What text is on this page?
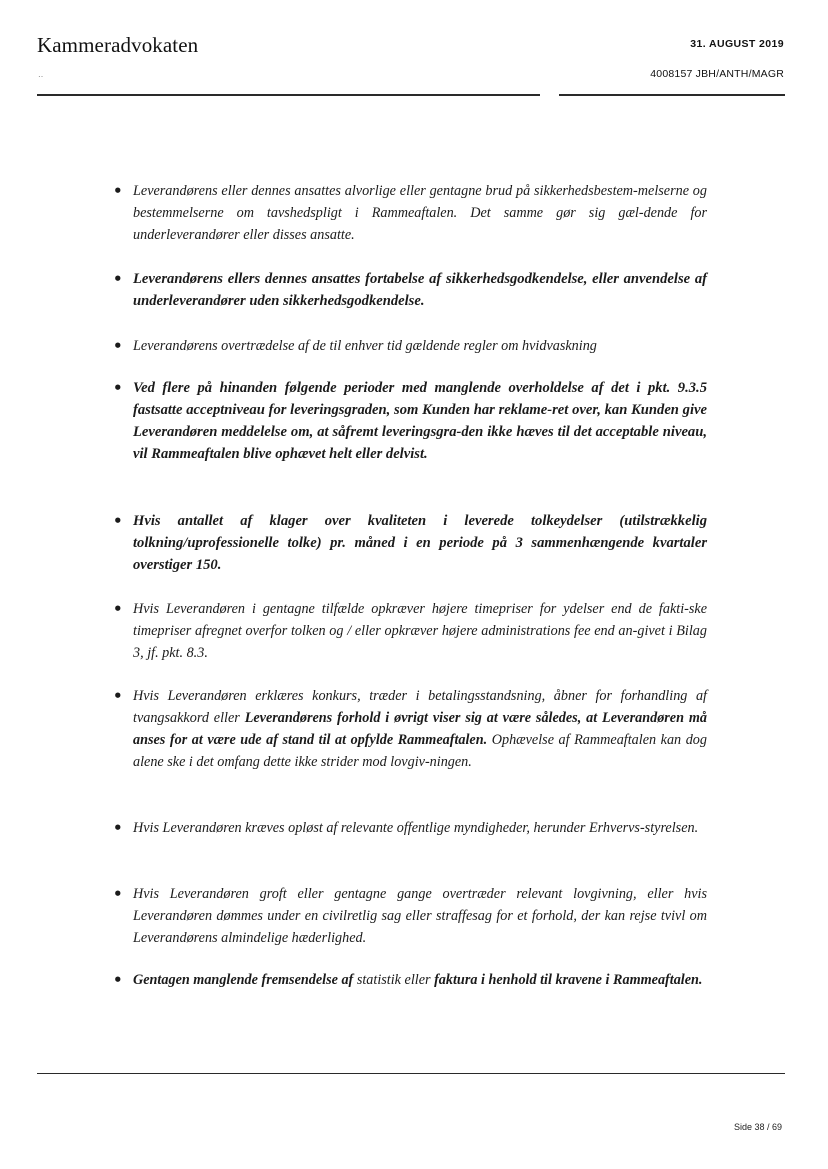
Kammeradvokaten	31. AUGUST 2019
4008157 JBH/ANTH/MAGR
‥
• Leverandørens eller dennes ansattes alvorlige eller gentagne brud på sikkerhedsbestem-melserne og bestemmelserne om tavshedspligt i Rammeaftalen. Det samme gør sig gæl-dende for underleverandører eller disses ansatte.
• Leverandørens ellers dennes ansattes fortabelse af sikkerhedsgodkendelse, eller anvendelse af underleverandører uden sikkerhedsgodkendelse.
• Leverandørens overtrædelse af de til enhver tid gældende regler om hvidvaskning
• Ved flere på hinanden følgende perioder med manglende overholdelse af det i pkt. 9.3.5 fastsatte acceptniveau for leveringsgraden, som Kunden har reklame-ret over, kan Kunden give Leverandøren meddelelse om, at såfremt leveringsgra-den ikke hæves til det acceptable niveau, vil Rammeaftalen blive ophævet helt eller delvist.
• Hvis antallet af klager over kvaliteten i leverede tolkeydelser (utilstrækkelig tolkning/uprofessionelle tolke) pr. måned i en periode på 3 sammenhængende kvartaler overstiger 150.
• Hvis Leverandøren i gentagne tilfælde opkræver højere timepriser for ydelser end de fakti-ske timepriser afregnet overfor tolken og / eller opkræver højere administrations fee end an-givet i Bilag 3, jf. pkt. 8.3.
• Hvis Leverandøren erklæres konkurs, træder i betalingsstandsning, åbner for forhandling af tvangsakkord eller Leverandørens forhold i øvrigt viser sig at være således, at Leverandøren må anses for at være ude af stand til at opfylde Rammeaftalen. Ophævelse af Rammeaftalen kan dog alene ske i det omfang dette ikke strider mod lovgiv-ningen.
• Hvis Leverandøren kræves opløst af relevante offentlige myndigheder, herunder Erhvervs-styrelsen.
• Hvis Leverandøren groft eller gentagne gange overtræder relevant lovgivning, eller hvis Leverandøren dømmes under en civilretlig sag eller straffesag for et forhold, der kan rejse tvivl om Leverandørens almindelige hæderlighed.
• Gentagen manglende fremsendelse af statistik eller faktura i henhold til kravene i Rammeaftalen.
Side 38 / 69
